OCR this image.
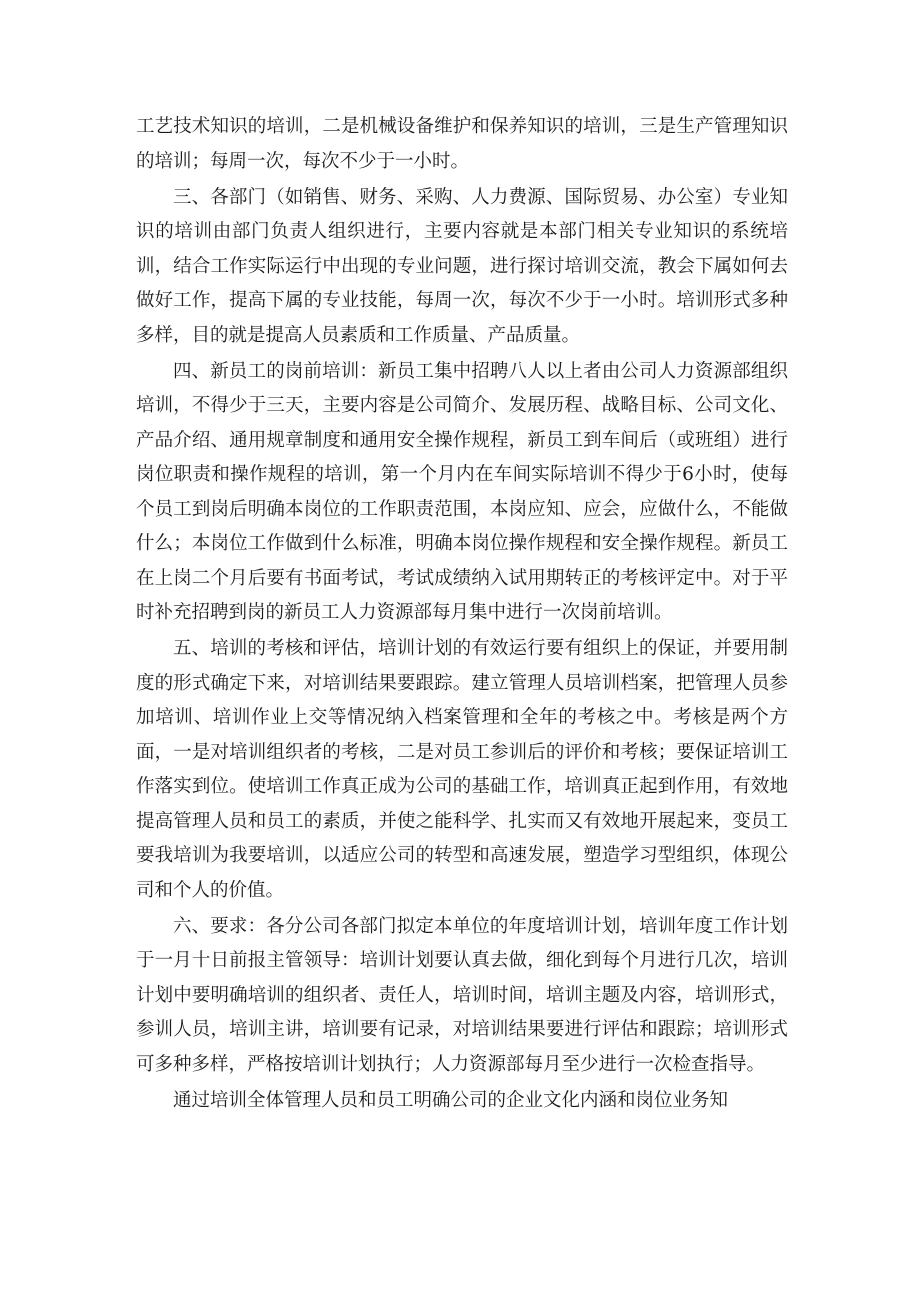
工艺技术知识的培训，二是机械设备维护和保养知识的培训，三是生产管理知识的培训；每周一次，每次不少于一小时。

三、各部门（如销售、财务、采购、人力费源、国际贸易、办公室）专业知识的培训由部门负责人组织进行，主要内容就是本部门相关专业知识的系统培训，结合工作实际运行中出现的专业问题，进行探讨培训交流，教会下属如何去做好工作，提高下属的专业技能，每周一次，每次不少于一小时。培训形式多种多样，目的就是提高人员素质和工作质量、产品质量。

四、新员工的岗前培训：新员工集中招聘八人以上者由公司人力资源部组织培训，不得少于三天，主要内容是公司简介、发展历程、战略目标、公司文化、产品介绍、通用规章制度和通用安全操作规程，新员工到车间后（或班组）进行岗位职责和操作规程的培训，第一个月内在车间实际培训不得少于6小时，使每个员工到岗后明确本岗位的工作职责范围，本岗应知、应会，应做什么，不能做什么；本岗位工作做到什么标准，明确本岗位操作规程和安全操作规程。新员工在上岗二个月后要有书面考试，考试成绩纳入试用期转正的考核评定中。对于平时补充招聘到岗的新员工人力资源部每月集中进行一次岗前培训。

五、培训的考核和评估，培训计划的有效运行要有组织上的保证，并要用制度的形式确定下来，对培训结果要跟踪。建立管理人员培训档案，把管理人员参加培训、培训作业上交等情况纳入档案管理和全年的考核之中。考核是两个方面，一是对培训组织者的考核，二是对员工参训后的评价和考核；要保证培训工作落实到位。使培训工作真正成为公司的基础工作，培训真正起到作用，有效地提高管理人员和员工的素质，并使之能科学、扎实而又有效地开展起来，变员工要我培训为我要培训，以适应公司的转型和高速发展，塑造学习型组织，体现公司和个人的价值。

六、要求：各分公司各部门拟定本单位的年度培训计划，培训年度工作计划于一月十日前报主管领导：培训计划要认真去做，细化到每个月进行几次，培训计划中要明确培训的组织者、责任人，培训时间，培训主题及内容，培训形式，参训人员，培训主讲，培训要有记录，对培训结果要进行评估和跟踪；培训形式可多种多样，严格按培训计划执行；人力资源部每月至少进行一次检查指导。

通过培训全体管理人员和员工明确公司的企业文化内涵和岗位业务知
